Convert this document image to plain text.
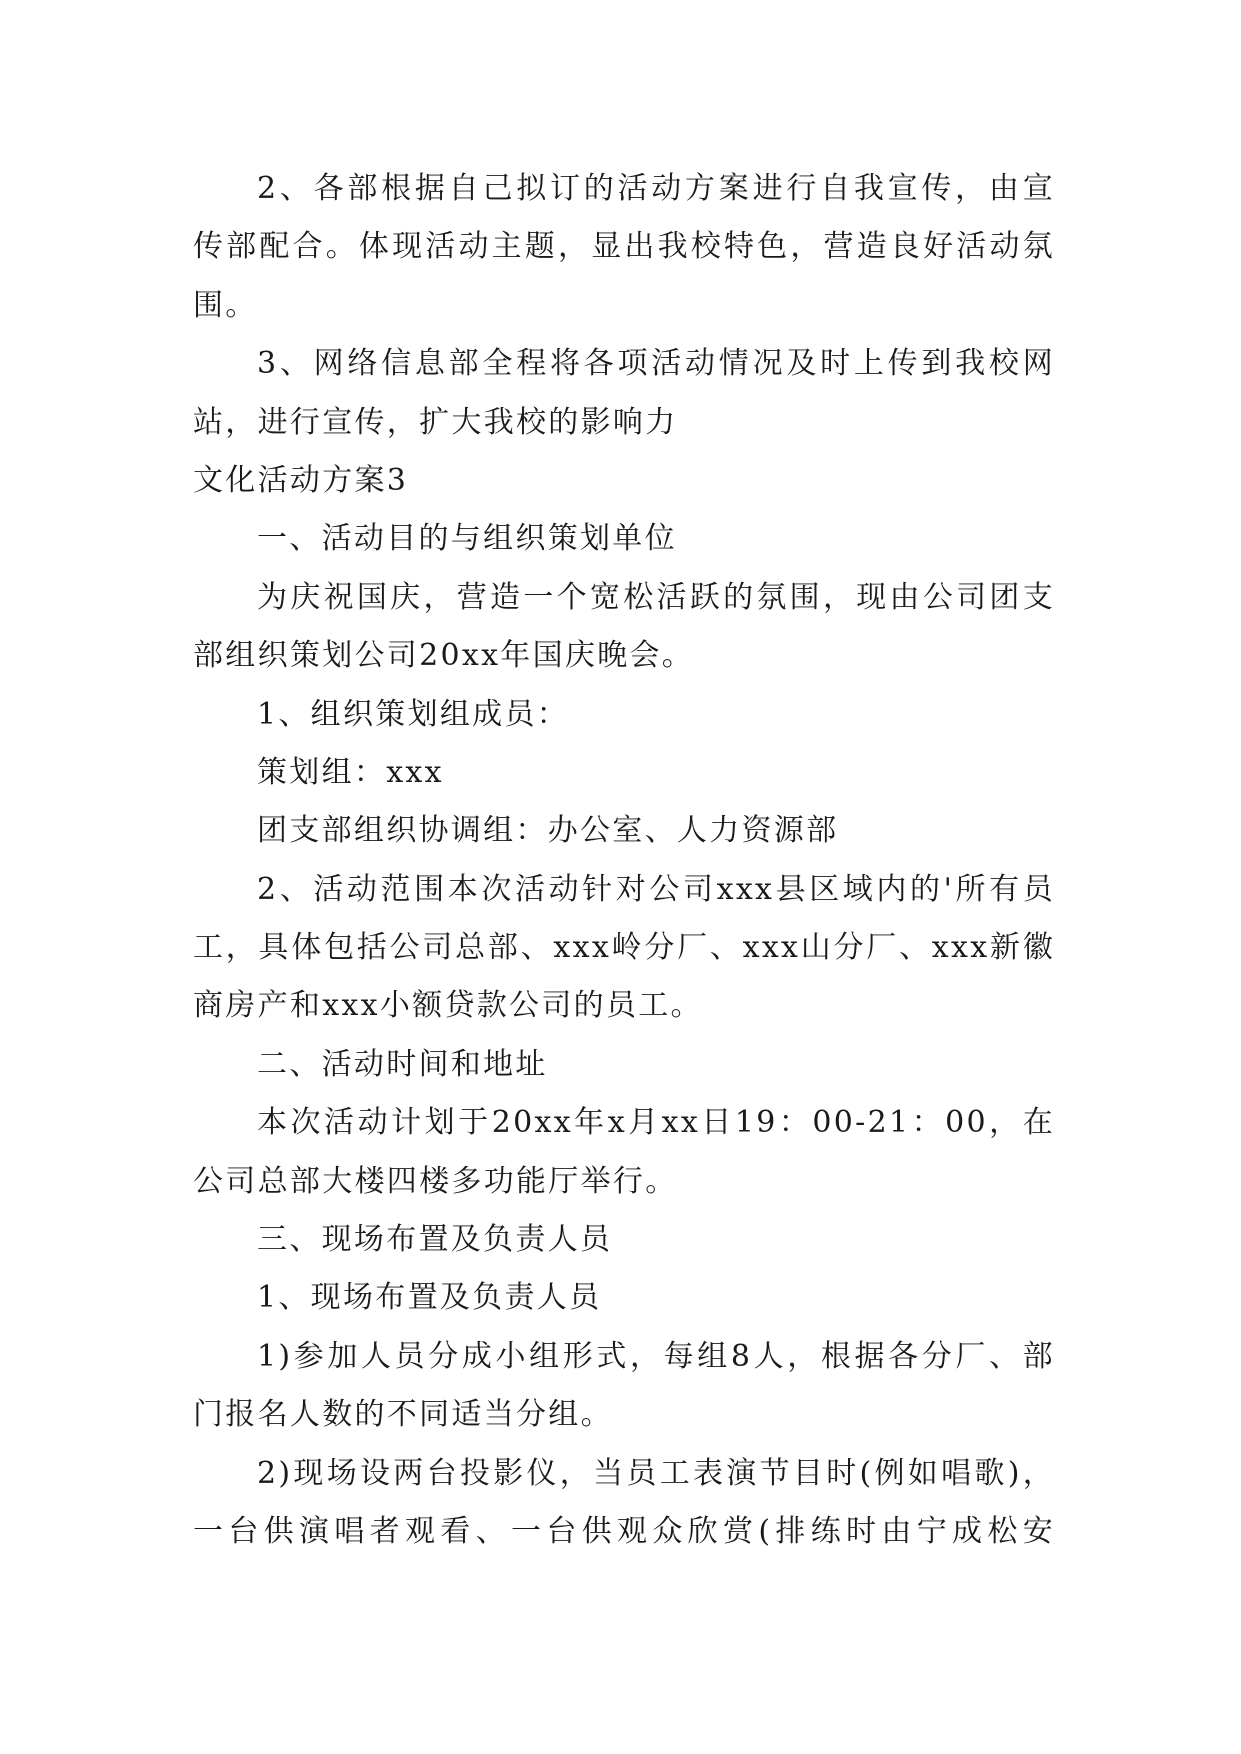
2、各部根据自己拟订的活动方案进行自我宣传，由宣

传部配合。体现活动主题，显出我校特色，营造良好活动氛

围。

3、网络信息部全程将各项活动情况及时上传到我校网

站，进行宣传，扩大我校的影响力

文化活动方案3

一、活动目的与组织策划单位

为庆祝国庆，营造一个宽松活跃的氛围，现由公司团支

部组织策划公司20xx年国庆晚会。

1、组织策划组成员：

策划组：xxx

团支部组织协调组：办公室、人力资源部

2、活动范围本次活动针对公司xxx县区域内的'所有员

工，具体包括公司总部、xxx岭分厂、xxx山分厂、xxx新徽

商房产和xxx小额贷款公司的员工。

二、活动时间和地址

本次活动计划于20xx年x月xx日19：00-21：00，在

公司总部大楼四楼多功能厅举行。

三、现场布置及负责人员

1、现场布置及负责人员

1)参加人员分成小组形式，每组8人，根据各分厂、部

门报名人数的不同适当分组。

2)现场设两台投影仪，当员工表演节目时(例如唱歌)，

一台供演唱者观看、一台供观众欣赏(排练时由宁成松安
